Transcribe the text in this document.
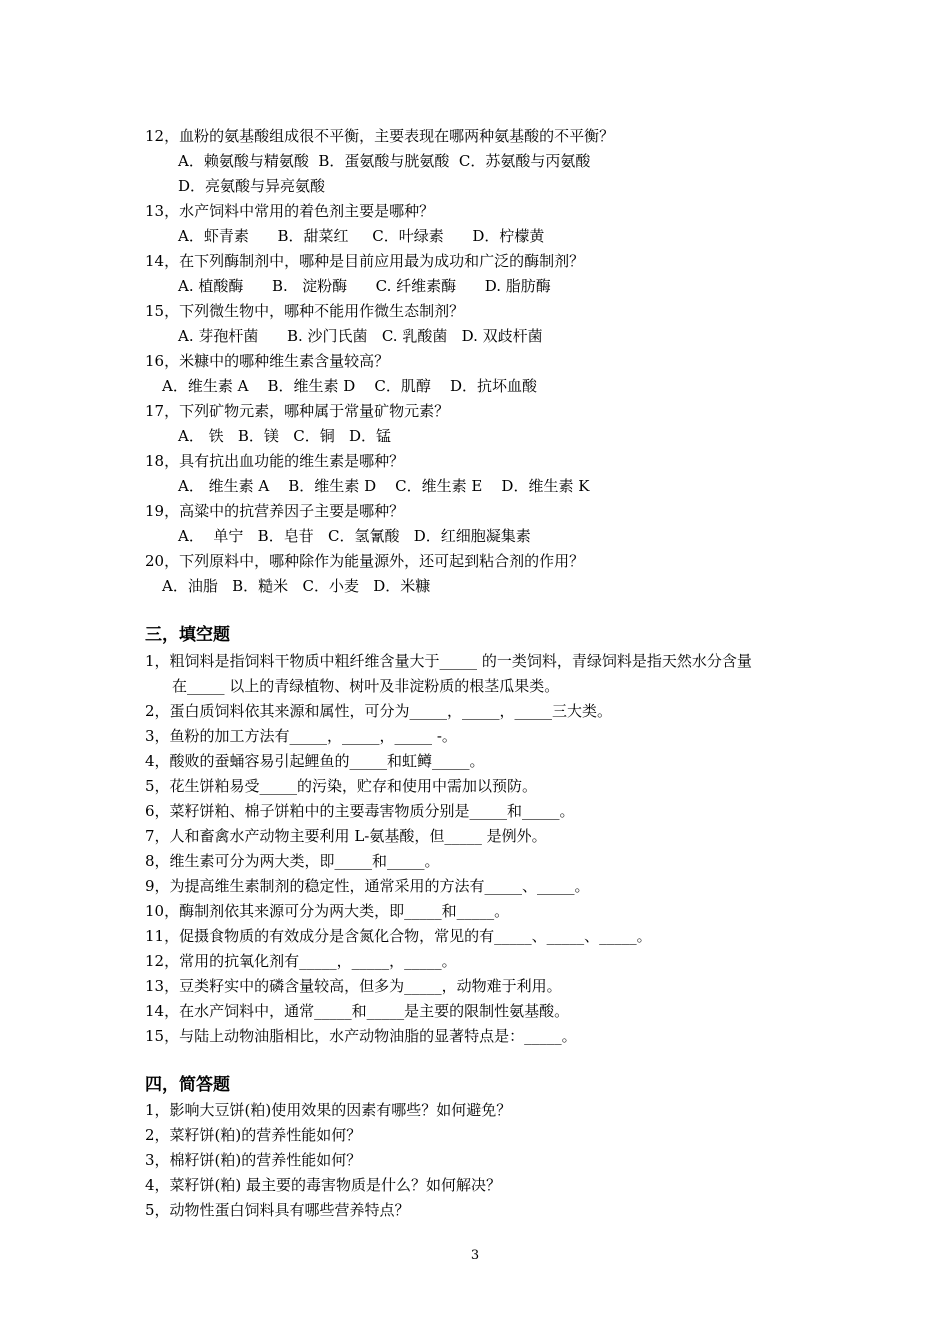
12，血粉的氨基酸组成很不平衡，主要表现在哪两种氨基酸的不平衡？
A．赖氨酸与精氨酸  B．蛋氨酸与胱氨酸  C．苏氨酸与丙氨酸
D．亮氨酸与异亮氨酸
13，水产饲料中常用的着色剂主要是哪种？
A．虾青素      B．甜菜红     C．叶绿素      D．柠檬黄
14，在下列酶制剂中，哪种是目前应用最为成功和广泛的酶制剂？
A. 植酸酶      B.   淀粉酶      C. 纤维素酶      D. 脂肪酶
15，下列微生物中，哪种不能用作微生态制剂？
A. 芽孢杆菌      B. 沙门氏菌   C. 乳酸菌   D. 双歧杆菌
16，米糠中的哪种维生素含量较高？
A．维生素 A    B．维生素 D    C．肌醇    D．抗坏血酸
17，下列矿物元素，哪种属于常量矿物元素？
A． 铁   B．镁   C．铜   D．锰
18，具有抗出血功能的维生素是哪种？
A． 维生素 A    B．维生素 D    C．维生素 E    D．维生素 K
19，高粱中的抗营养因子主要是哪种？
A．  单宁   B．皂苷   C．氢氰酸   D．红细胞凝集素
20，下列原料中，哪种除作为能量源外，还可起到粘合剂的作用？
A．油脂   B．糙米   C．小麦   D．米糠
三，填空题
1，粗饲料是指饲料干物质中粗纤维含量大于_____ 的一类饲料，青绿饲料是指天然水分含量
在_____ 以上的青绿植物、树叶及非淀粉质的根茎瓜果类。
2，蛋白质饲料依其来源和属性，可分为_____，_____，_____三大类。
3，鱼粉的加工方法有_____，_____，_____ -。
4，酸败的蚕蛹容易引起鲤鱼的_____和虹鳟_____。
5，花生饼粕易受_____的污染，贮存和使用中需加以预防。
6，菜籽饼粕、棉子饼粕中的主要毒害物质分别是_____和_____。
7，人和畜禽水产动物主要利用 L-氨基酸，但_____ 是例外。
8，维生素可分为两大类，即_____和_____。
9，为提高维生素制剂的稳定性，通常采用的方法有_____、_____。
10，酶制剂依其来源可分为两大类，即_____和_____。
11，促摄食物质的有效成分是含氮化合物，常见的有_____、_____、_____。
12，常用的抗氧化剂有_____，_____，_____。
13，豆类籽实中的磷含量较高，但多为_____，动物难于利用。
14，在水产饲料中，通常_____和_____是主要的限制性氨基酸。
15，与陆上动物油脂相比，水产动物油脂的显著特点是：_____。
四，简答题
1，影响大豆饼(粕)使用效果的因素有哪些？如何避免？
2，菜籽饼(粕)的营养性能如何？
3，棉籽饼(粕)的营养性能如何？
4，菜籽饼(粕) 最主要的毒害物质是什么？如何解决？
5，动物性蛋白饲料具有哪些营养特点？
3
